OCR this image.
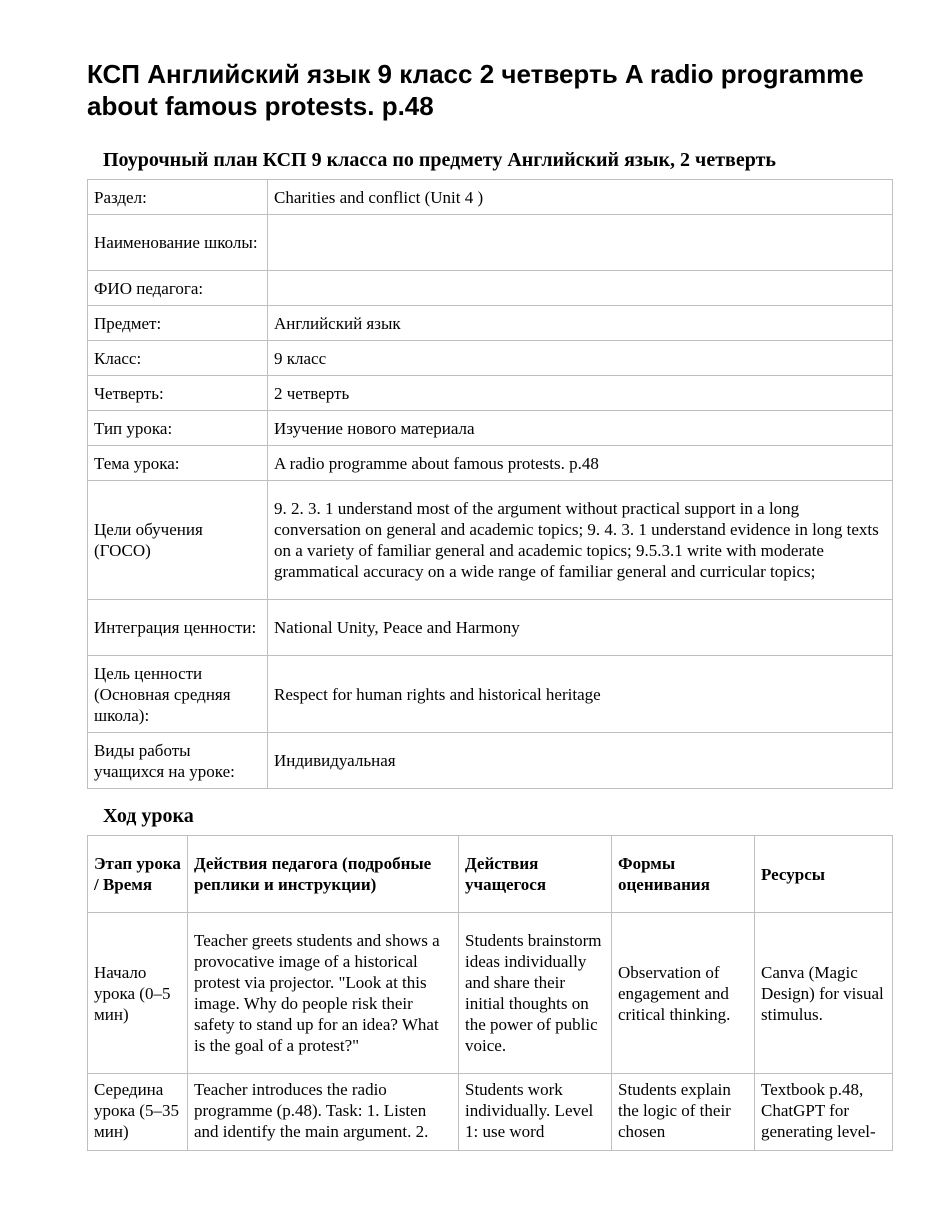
КСП Английский язык 9 класс 2 четверть A radio programme about famous protests. p.48
Поурочный план КСП 9 класса по предмету Английский язык, 2 четверть
Раздел:	Charities and conflict (Unit 4 )
Наименование школы:	
ФИО педагога:	
Предмет:	Английский язык
Класс:	9 класс
Четверть:	2 четверть
Тип урока:	Изучение нового материала
Тема урока:	A radio programme about famous protests. p.48
Цели обучения (ГОСО)	9. 2. 3. 1 understand most of the argument without practical support in a long conversation on general and academic topics; 9. 4. 3. 1 understand evidence in long texts on a variety of familiar general and academic topics; 9.5.3.1 write with moderate grammatical accuracy on a wide range of familiar general and curricular topics;
Интеграция ценности:	National Unity, Peace and Harmony
Цель ценности (Основная средняя школа):	Respect for human rights and historical heritage
Виды работы учащихся на уроке:	Индивидуальная
Ход урока
Этап урока / Время	Действия педагога (подробные реплики и инструкции)	Действия учащегося	Формы оценивания	Ресурсы
Начало урока (0–5 мин)	Teacher greets students and shows a provocative image of a historical protest via projector. "Look at this image. Why do people risk their safety to stand up for an idea? What is the goal of a protest?"	Students brainstorm ideas individually and share their initial thoughts on the power of public voice.	Observation of engagement and critical thinking.	Canva (Magic Design) for visual stimulus.
Середина урока (5–35 мин)	Teacher introduces the radio programme (p.48). Task: 1. Listen and identify the main argument. 2.	Students work individually. Level 1: use word	Students explain the logic of their chosen	Textbook p.48, ChatGPT for generating level-
